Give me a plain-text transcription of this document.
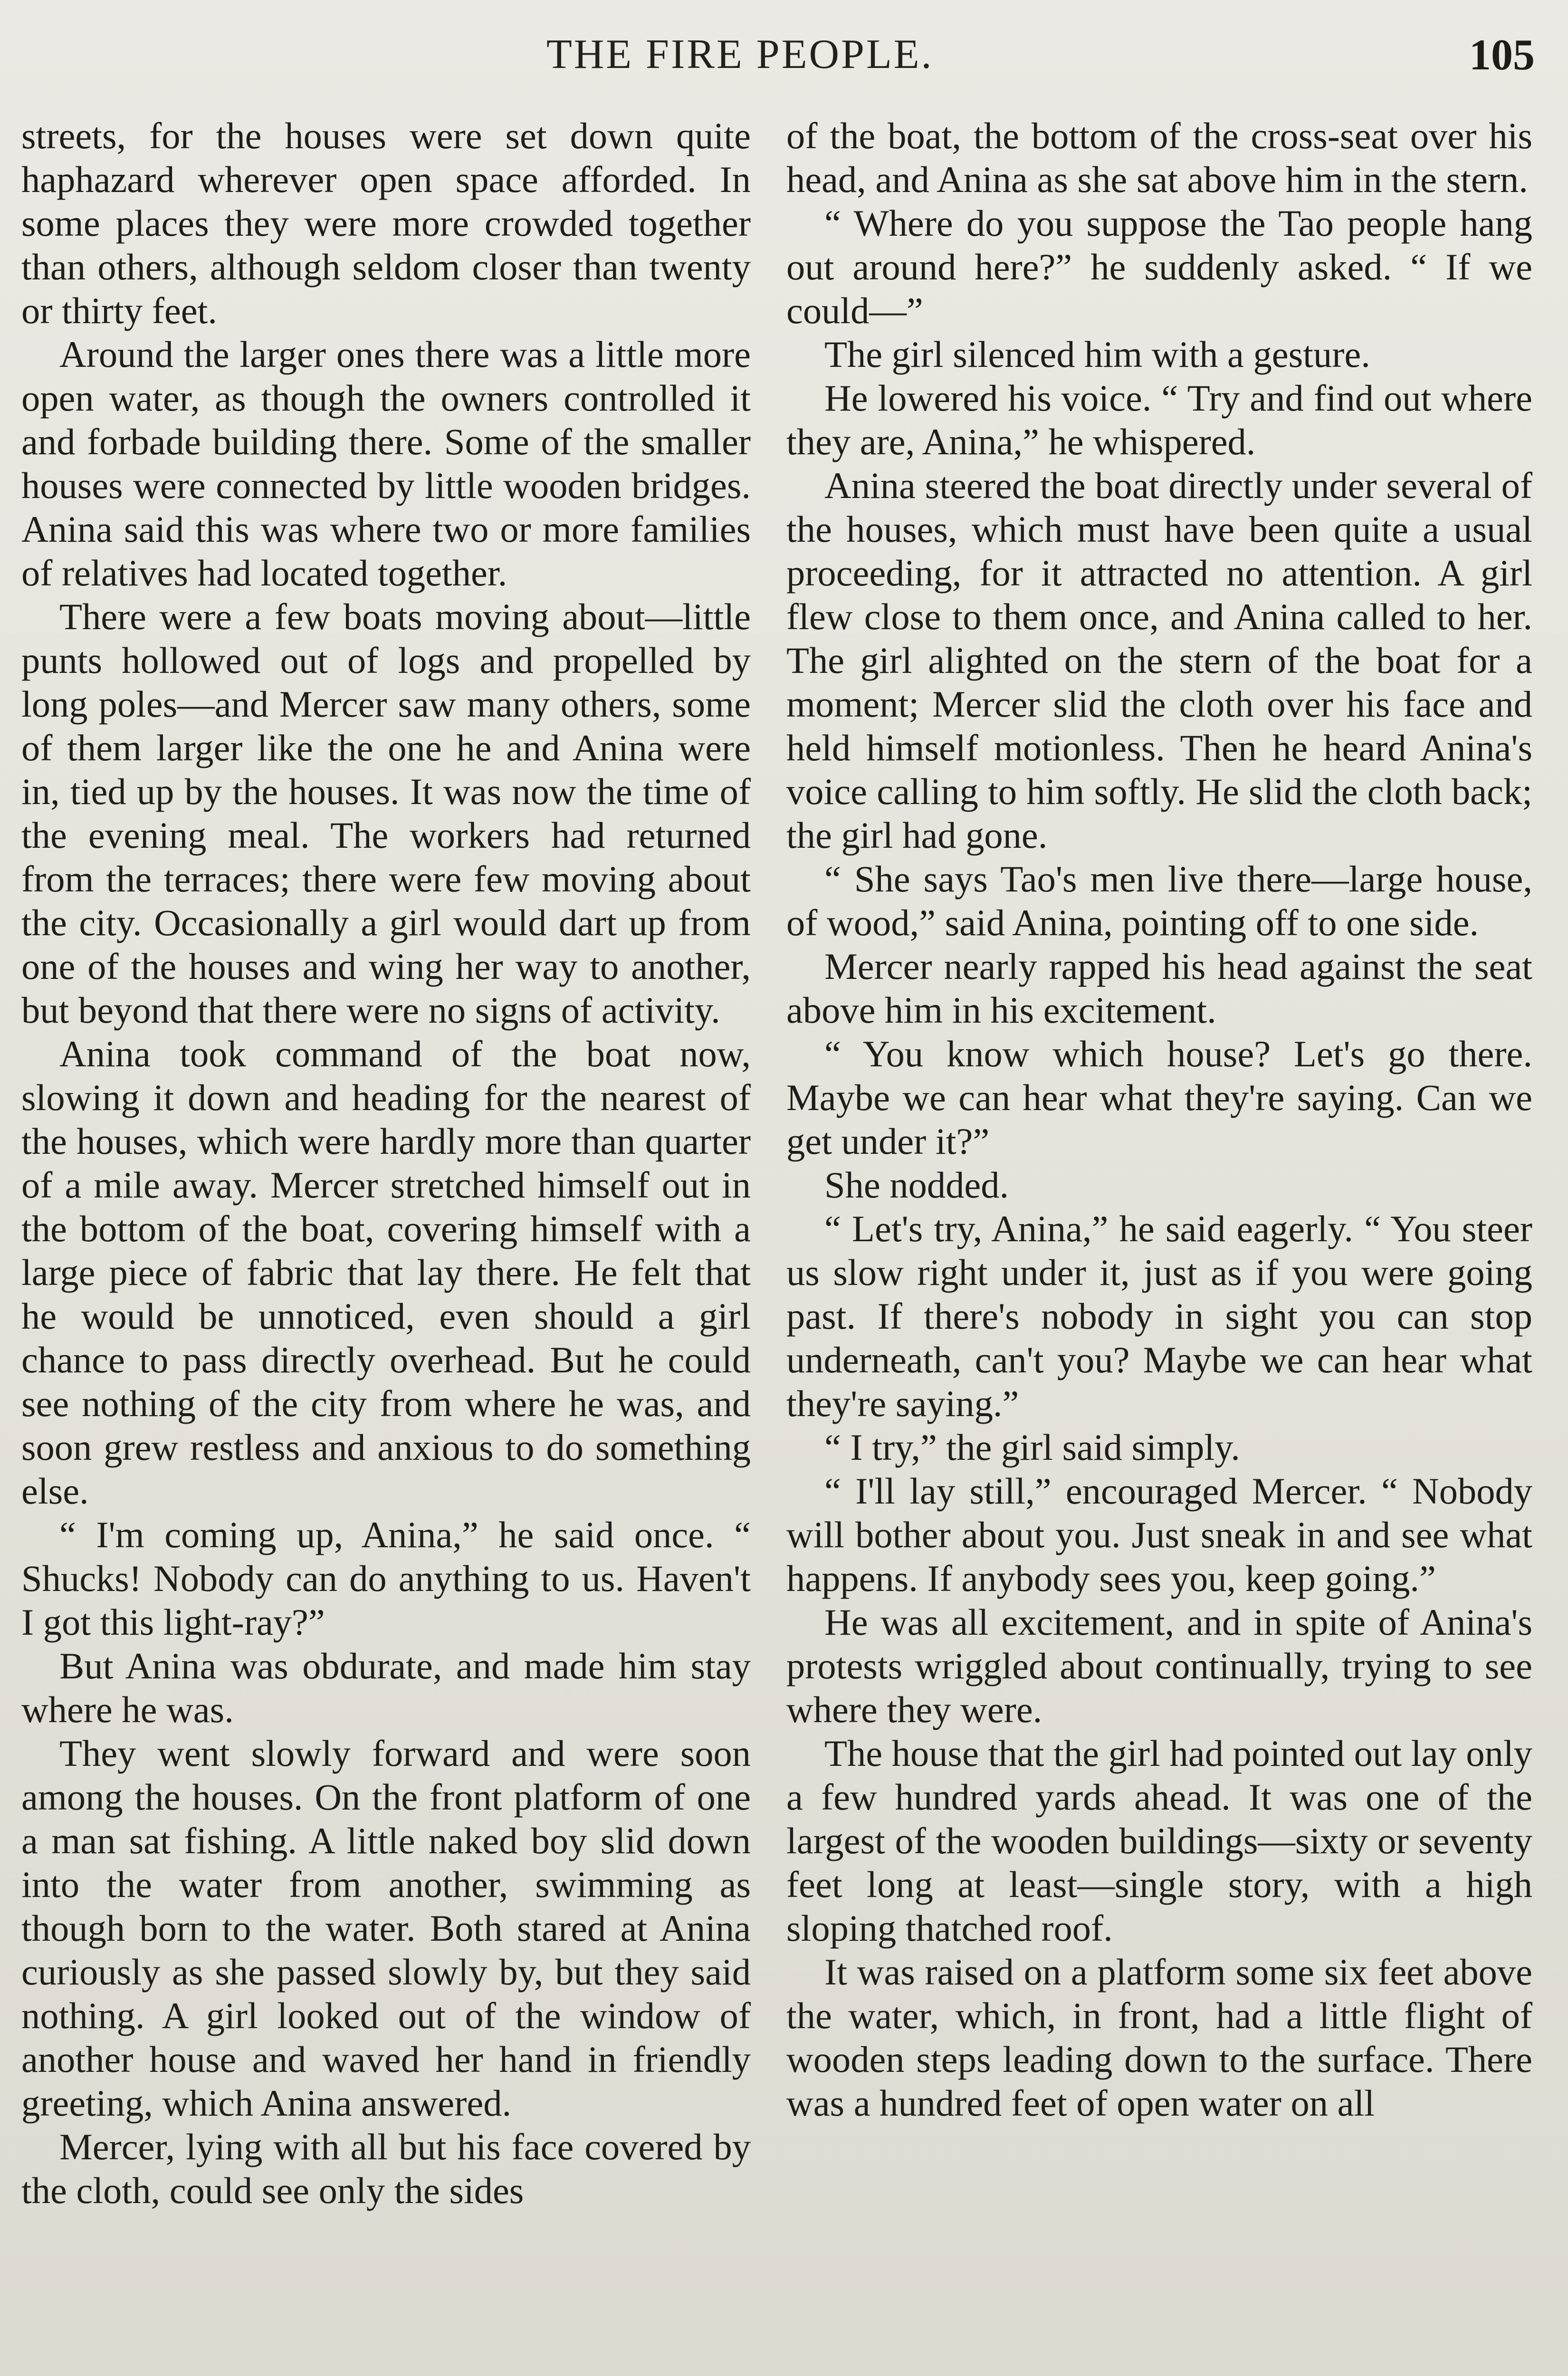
THE FIRE PEOPLE.	105

streets, for the houses were set down quite haphazard wherever open space afforded. In some places they were more crowded together than others, although seldom closer than twenty or thirty feet.

Around the larger ones there was a little more open water, as though the owners controlled it and forbade building there. Some of the smaller houses were connected by little wooden bridges. Anina said this was where two or more families of relatives had located together.

There were a few boats moving about—little punts hollowed out of logs and propelled by long poles—and Mercer saw many others, some of them larger like the one he and Anina were in, tied up by the houses. It was now the time of the evening meal. The workers had returned from the terraces; there were few moving about the city. Occasionally a girl would dart up from one of the houses and wing her way to another, but beyond that there were no signs of activity.

Anina took command of the boat now, slowing it down and heading for the nearest of the houses, which were hardly more than quarter of a mile away. Mercer stretched himself out in the bottom of the boat, covering himself with a large piece of fabric that lay there. He felt that he would be unnoticed, even should a girl chance to pass directly overhead. But he could see nothing of the city from where he was, and soon grew restless and anxious to do something else.

“ I'm coming up, Anina,” he said once. “ Shucks! Nobody can do anything to us. Haven't I got this light-ray?”

But Anina was obdurate, and made him stay where he was.

They went slowly forward and were soon among the houses. On the front platform of one a man sat fishing. A little naked boy slid down into the water from another, swimming as though born to the water. Both stared at Anina curiously as she passed slowly by, but they said nothing. A girl looked out of the window of another house and waved her hand in friendly greeting, which Anina answered.

Mercer, lying with all but his face covered by the cloth, could see only the sides

of the boat, the bottom of the cross-seat over his head, and Anina as she sat above him in the stern.

“ Where do you suppose the Tao people hang out around here?” he suddenly asked. “ If we could—”

The girl silenced him with a gesture.

He lowered his voice. “ Try and find out where they are, Anina,” he whispered.

Anina steered the boat directly under several of the houses, which must have been quite a usual proceeding, for it attracted no attention. A girl flew close to them once, and Anina called to her. The girl alighted on the stern of the boat for a moment; Mercer slid the cloth over his face and held himself motionless. Then he heard Anina's voice calling to him softly. He slid the cloth back; the girl had gone.

“ She says Tao's men live there—large house, of wood,” said Anina, pointing off to one side.

Mercer nearly rapped his head against the seat above him in his excitement.

“ You know which house? Let's go there. Maybe we can hear what they're saying. Can we get under it?”

She nodded.

“ Let's try, Anina,” he said eagerly. “ You steer us slow right under it, just as if you were going past. If there's nobody in sight you can stop underneath, can't you? Maybe we can hear what they're saying.”

“ I try,” the girl said simply.

“ I'll lay still,” encouraged Mercer. “ Nobody will bother about you. Just sneak in and see what happens. If anybody sees you, keep going.”

He was all excitement, and in spite of Anina's protests wriggled about continually, trying to see where they were.

The house that the girl had pointed out lay only a few hundred yards ahead. It was one of the largest of the wooden buildings—sixty or seventy feet long at least—single story, with a high sloping thatched roof.

It was raised on a platform some six feet above the water, which, in front, had a little flight of wooden steps leading down to the surface. There was a hundred feet of open water on all
